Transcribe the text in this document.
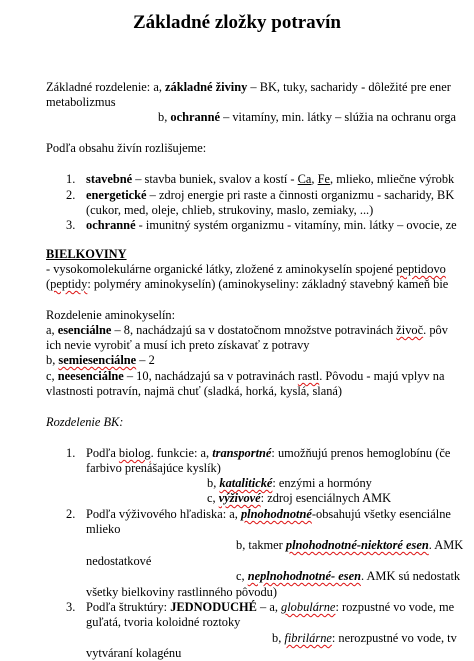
Základné zložky potravín
Základné rozdelenie: a, základné živiny – BK, tuky, sacharidy - dôležité pre ener
metabolizmus
b, ochranné – vitamíny, min. látky – slúžia na ochranu orga
Podľa obsahu živín rozlišujeme:
1. stavebné – stavba buniek, svalov a kostí - Ca, Fe, mlieko, mliečne výrobk
2. energetické – zdroj energie pri raste a činnosti organizmu - sacharidy, BK
(cukor, med, oleje, chlieb, strukoviny, maslo, zemiaky, ...)
3. ochranné - imunitný systém organizmu - vitamíny, min. látky – ovocie, ze
BIELKOVINY
- vysokomolekulárne organické látky, zložené z aminokyselín spojené peptidovo
(peptidy: polyméry aminokyselín) (aminokyseliny: základný stavebný kameň bie
Rozdelenie aminokyselín:
a, esenciálne – 8, nachádzajú sa v dostatočnom množstve potravinách živoč. pôv
ich nevie vyrobiť a musí ich preto získavať z potravy
b, semiesenciálne – 2
c, neesenciálne – 10, nachádzajú sa v potravinách rastl. Pôvodu - majú vplyv na
vlastnosti potravín, najmä chuť (sladká, horká, kyslá, slaná)
Rozdelenie BK:
1. Podľa biolog. funkcie: a, transportné: umožňujú prenos hemoglobínu (če
farbivo prenášajúce kyslík)
b, katalitické: enzými a hormóny
c, výživové: zdroj esenciálnych AMK
2. Podľa výživového hľadiska: a, plnohodnotné-obsahujú všetky esenciálne
mlieko
b, takmer plnohodnotné-niektoré esen. AMK
nedostatkové
c, neplnohodnotné- esen. AMK sú nedostatk
všetky bielkoviny rastlinného pôvodu)
3. Podľa štruktúry: JEDNODUCHÉ – a, globulárne: rozpustné vo vode, me
guľatá, tvoria koloidné roztoky
b, fibrilárne: nerozpustné vo vode, tv
vytváraní kolagénu
